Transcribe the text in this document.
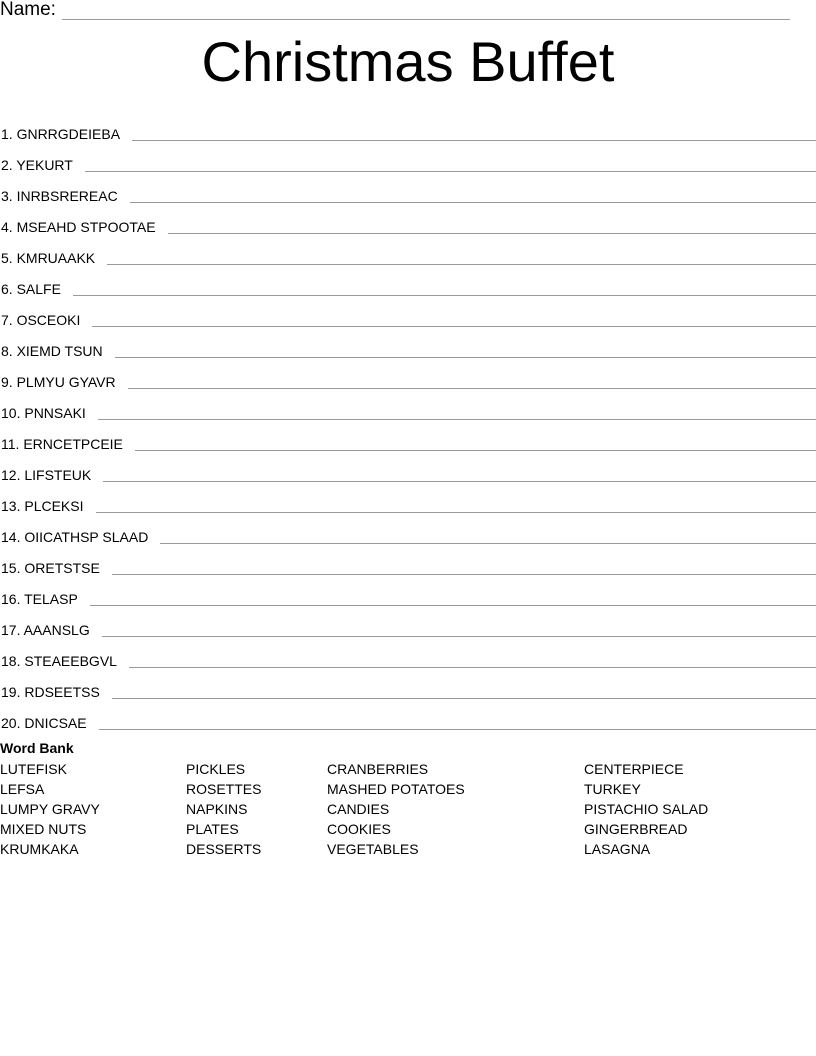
Name:
Christmas Buffet
1. GNRRGDEIEBA
2. YEKURT
3. INRBSREREAC
4. MSEAHD STPOOTAE
5. KMRUAAKK
6. SALFE
7. OSCEOKI
8. XIEMD TSUN
9. PLMYU GYAVR
10. PNNSAKI
11. ERNCETPCEIE
12. LIFSTEUK
13. PLCEKSI
14. OIICATHSP SLAAD
15. ORETSTSE
16. TELASP
17. AAANSLG
18. STEAEEBGVL
19. RDSEETSS
20. DNICSAE
Word Bank
LUTEFISK
LEFSA
LUMPY GRAVY
MIXED NUTS
KRUMKAKA
PICKLES
ROSETTES
NAPKINS
PLATES
DESSERTS
CRANBERRIES
MASHED POTATOES
CANDIES
COOKIES
VEGETABLES
CENTERPIECE
TURKEY
PISTACHIO SALAD
GINGERBREAD
LASAGNA
